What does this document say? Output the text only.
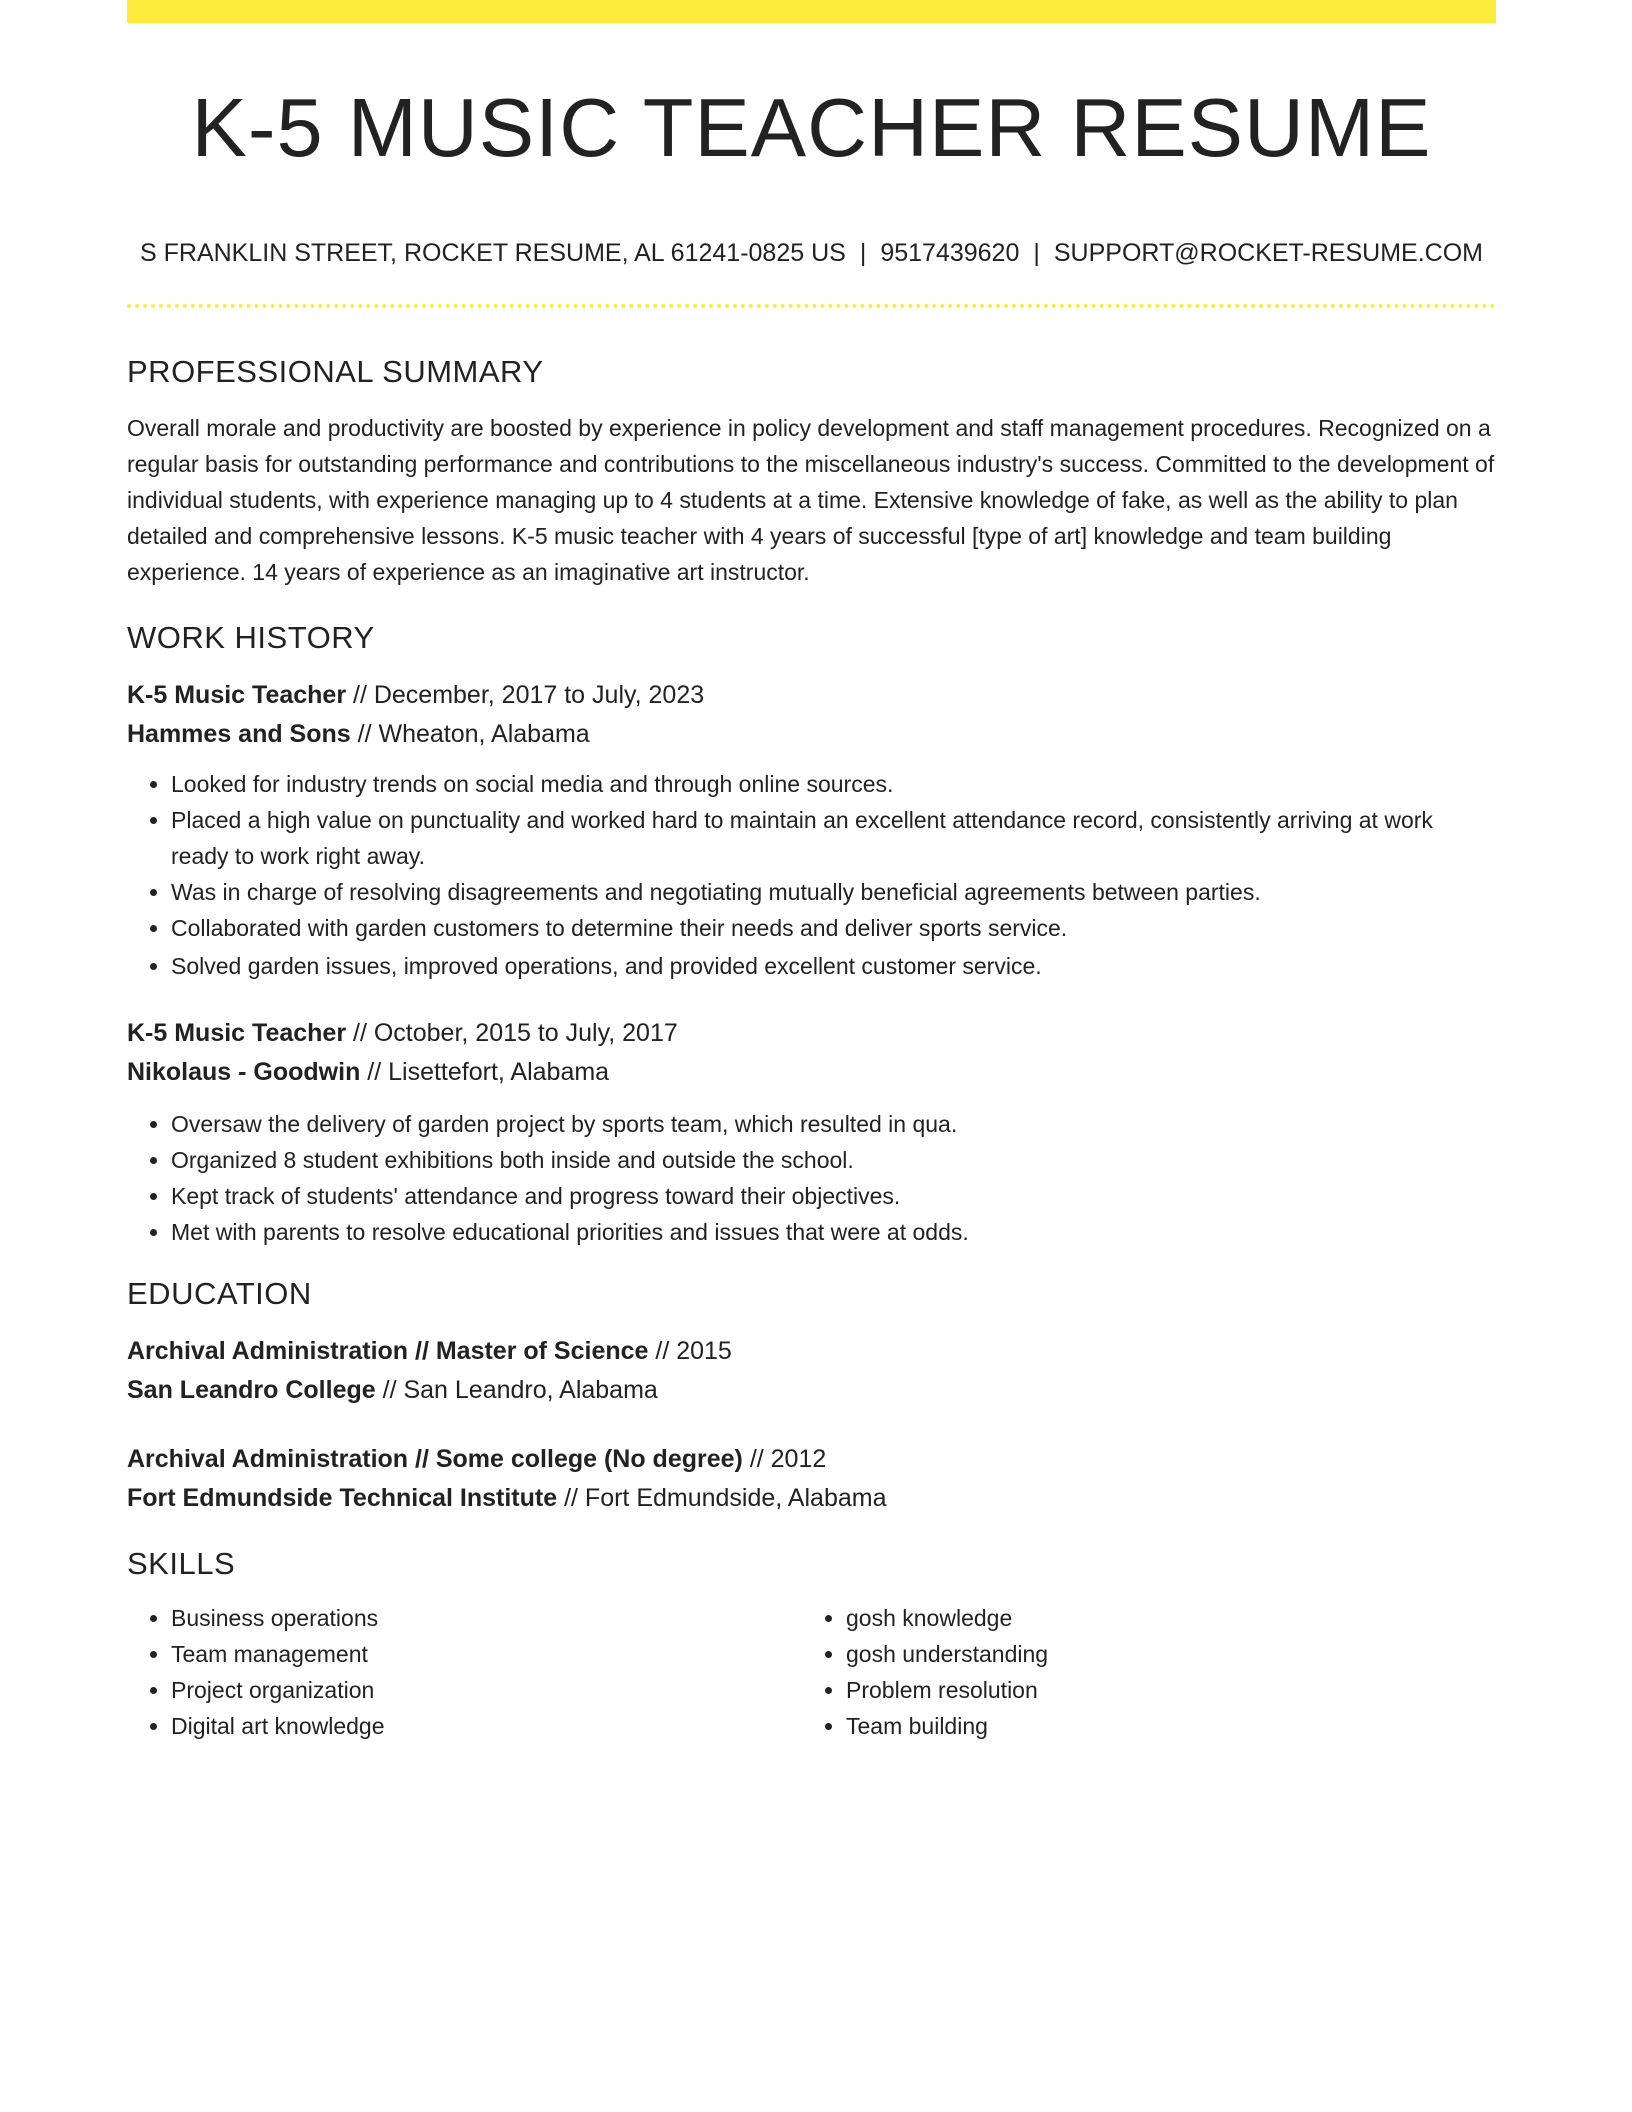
K-5 MUSIC TEACHER RESUME
S FRANKLIN STREET, ROCKET RESUME, AL 61241-0825 US | 9517439620 | SUPPORT@ROCKET-RESUME.COM
PROFESSIONAL SUMMARY

Overall morale and productivity are boosted by experience in policy development and staff management procedures. Recognized on a regular basis for outstanding performance and contributions to the miscellaneous industry's success. Committed to the development of individual students, with experience managing up to 4 students at a time. Extensive knowledge of fake, as well as the ability to plan detailed and comprehensive lessons. K-5 music teacher with 4 years of successful [type of art] knowledge and team building experience. 14 years of experience as an imaginative art instructor.

WORK HISTORY
K-5 Music Teacher // December, 2017 to July, 2023
Hammes and Sons // Wheaton, Alabama
• Looked for industry trends on social media and through online sources.
• Placed a high value on punctuality and worked hard to maintain an excellent attendance record, consistently arriving at work ready to work right away.
• Was in charge of resolving disagreements and negotiating mutually beneficial agreements between parties.
• Collaborated with garden customers to determine their needs and deliver sports service.
• Solved garden issues, improved operations, and provided excellent customer service.
K-5 Music Teacher // October, 2015 to July, 2017
Nikolaus - Goodwin // Lisettefort, Alabama
• Oversaw the delivery of garden project by sports team, which resulted in qua.
• Organized 8 student exhibitions both inside and outside the school.
• Kept track of students' attendance and progress toward their objectives.
• Met with parents to resolve educational priorities and issues that were at odds.
EDUCATION
Archival Administration // Master of Science // 2015
San Leandro College // San Leandro, Alabama
Archival Administration // Some college (No degree) // 2012
Fort Edmundside Technical Institute // Fort Edmundside, Alabama
SKILLS
• Business operations
• Team management
• Project organization
• Digital art knowledge
• gosh knowledge
• gosh understanding
• Problem resolution
• Team building
